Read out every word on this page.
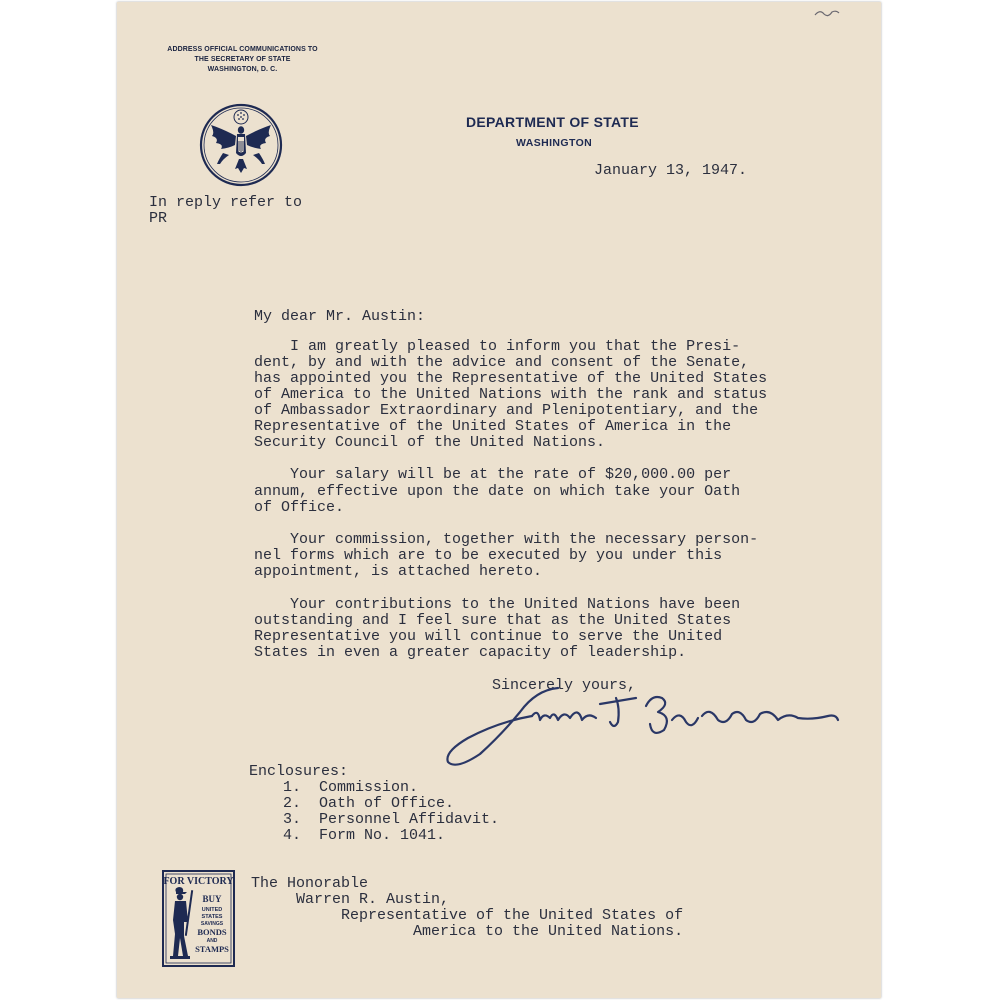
ADDRESS OFFICIAL COMMUNICATIONS TO
THE SECRETARY OF STATE
WASHINGTON, D. C.
DEPARTMENT OF STATE
WASHINGTON
January 13, 1947.
In reply refer to
PR
My dear Mr. Austin:
I am greatly pleased to inform you that the Presi-
dent, by and with the advice and consent of the Senate,
has appointed you the Representative of the United States
of America to the United Nations with the rank and status
of Ambassador Extraordinary and Plenipotentiary, and the
Representative of the United States of America in the
Security Council of the United Nations.
Your salary will be at the rate of $20,000.00 per
annum, effective upon the date on which take your Oath
of Office.
Your commission, together with the necessary person-
nel forms which are to be executed by you under this
appointment, is attached hereto.
Your contributions to the United Nations have been
outstanding and I feel sure that as the United States
Representative you will continue to serve the United
States in even a greater capacity of leadership.
Sincerely yours,
Enclosures:
1.  Commission.
2.  Oath of Office.
3.  Personnel Affidavit.
4.  Form No. 1041.
The Honorable
Warren R. Austin,
Representative of the United States of
America to the United Nations.
FOR VICTORY
BUY
UNITED
STATES
SAVINGS
BONDS
AND
STAMPS
